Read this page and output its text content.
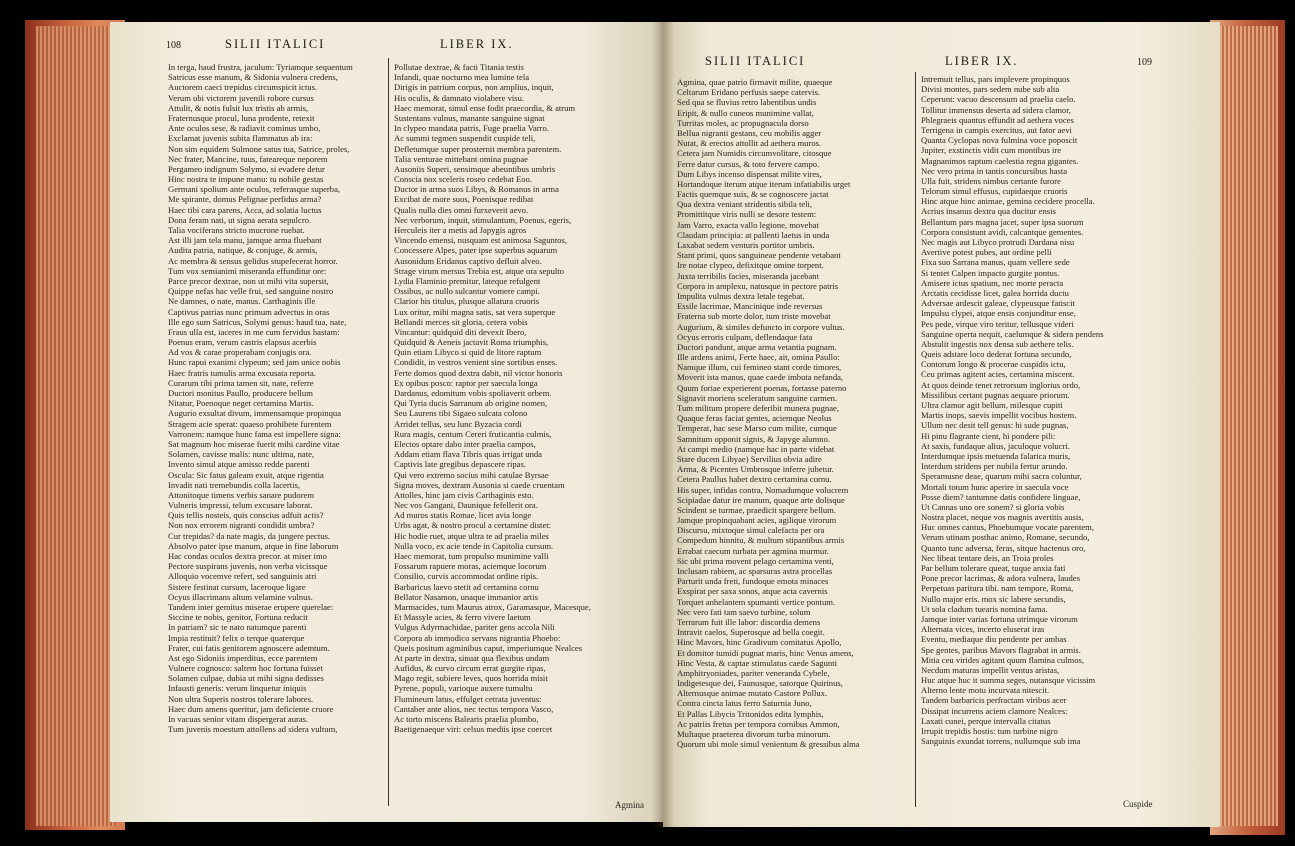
108	SILII ITALICI	LIBER IX.
In terga, haud frustra, jaculum: Tyriamque sequentum
Satricus esse manum, & Sidonia vulnera credens,
Auctorem caeci trepidus circumspicit ictus.
Verum ubi victorem juvenili robore cursus
Attulit, & notis fulsit lux tristis ab armis,
Fraternusque procul, luna prodente, retexit
Ante oculos sese, & radiavit cominus umbo,
Exclamat juvenis subita flammatus ab ira:
Non sim equidem Sulmone satus tua, Satrice, proles,
Nec frater, Mancine, tuus, fateareque neporem
Pergameo indignum Solymo, si evadere detur
Hinc nostra te impune manu: tu nobile gestas
Germani spolium ante oculos, referasque superba,
Me spirante, domus Pelignae perfidus arma?
Haec tibi cara parens, Acca, ad solatia luctus
Dona feram nati, ut signa aerata sepulcro.
Talia vociferans stricto mucrone ruebat.
Ast illi jam tela manu, jamque arma fluebant
Audita patria, natique, & conjuge, & armis,
Ac membra & sensus gelidus stupefecerat horror.
Tum vox semianimi miseranda effunditur ore:
Parce precor dextrae, non ut mihi vita supersit,
Quippe nefas hac velle frui, sed sanguine nostro
Ne damnes, o nate, manus. Carthaginis ille
Captivus patrias nunc primum advectus in oras
Ille ego sum Satricus, Solymi genus: haud tua, nate,
Fraus ulla est, iaceres in me cum fervidus hastam:
Poenus eram, verum castris elapsus acerbis
Ad vos & carae properabam conjugis ora.
Hunc rapui exanimi clypeum; sed jam unice nobis
Haec fratris tumulis arma excusata reporta.
Curarum tibi prima tamen sit, nate, referre
Ductori monitus Paullo, producere bellum
Nitatur, Poenoque neget certamina Martis.
Augurio exsultat divum, immensamque propinqua
Stragem acie sperat: quaeso prohibete furentem
Varronem: namque hunc fama est impellere signa:
Sat magnum hoc miserae fuerit mihi cardine vitae
Solamen, cavisse malis: nunc ultima, nate,
Invento simul atque amisso redde parenti
Oscula: Sic fatus galeam exuit, atque rigentia
Invadit nati tremebundis colla lacertis,
Attonitoque timens verbis sanare pudorem
Vulneris impressi, telum excusare laborat.
Quis tellis nosteis, quis conscius adfuit actis?
Non nox errorem nigranti condidit umbra?
Cur trepidas? da nate magis, da jungere pectus.
Absolvo pater ipse manum, atque in fine laborum
Hac condas oculos dextra precor. at miser imo
Pectore suspirans juvenis, non verba vicissque
Alloquio vocemve refert, sed sanguinis atri
Sistere festinat cursum, laceroque ligare
Ocyus illacrimans altum velamine vulnus.
Tandem inter gemitus miserae erupere querelae:
Siccine te nobis, genitor, Fortuna reducit
In patriam? sic te nato natumque parenti
Impia restituit? felix o terque quaterque
Frater, cui fatis genitorem agnoscere ademtum.
Ast ego Sidoniis imperditus, ecce parentem
Vulnere cognosco: saltem hoc fortuna fuisset
Solamen culpae, dubia ut mihi signa dedisses
Infausti generis: verum linquetur iniquis
Non ultra Superis nostros tolerare labores.
Haec dum amens queritur, jam deficiente cruore
In vacuas senior vitam dispergerat auras.
Tum juvenis moestum attollens ad sidera vultum,
Pollutae dextrae, & facti Titania testis
Infandi, quae nocturno mea lumine tela
Dirigis in patrium corpus, non amplius, inquit,
His oculis, & damnato violabere visu.
Haec memorat, simul ense fodit praecordia, & atrum
Sustentans vulnus, manante sanguine signat
In clypeo mandata patris, Fuge praelia Varro.
Ac summi tegmen suspendit cuspide teli,
Defletumque super prosternit membra parentem.
Talia venturae mittebant omina pugnae
Ausoniis Superi, sensimque abeuntibus umbris
Conscia nox sceleris roseo cedebat Eoo.
Ductor in arma suos Libys, & Romanus in arma
Excibat de more suos, Poenisque redibat
Qualis nulla dies omni furxeverit aevo.
Nec verborum, inquit, stimulantum, Poenus, egeris,
Herculeis iter a metis ad Japygis agros
Vincendo emensi, nusquam est animosa Saguntos,
Concessere Alpes, pater ipse superbus aquarum
Ausonidum Eridanus captivo defluit alveo.
Strage virum mersus Trebia est, atque ora sepulto
Lydia Flaminio premitur, lateque refulgent
Ossibus, ac nullo sulcantur vomere campi.
Clarior his titulus, plusque allatura cruoris
Lux oritur, mihi magna satis, sat vera superque
Bellandi merces sit gloria, cetera vobis
Vincantur: quidquid diti devexit Ibero,
Quidquid & Aeneis jactavit Roma triumphis,
Quin etiam Libyco si quid de litore raptum
Condidit, in vestros venient sine sortibus enses.
Ferte domos quod dextra dabit, nil victor honoris
Ex opibus posco: raptor per saecula longa
Dardanus, edomitum vobis spoliaverit orbem.
Qui Tyria ducis Sarranum ab origine nomen,
Seu Laurens tibi Sigaeo sulcata colono
Arridet tellus, seu lunc Byzacia cordi
Rura magis, centum Cereri fruticantia culmis,
Electos optare dabo inter praelia campos,
Addam etiam flava Tibris quas irrigat unda
Captivis late gregibus depascere ripas.
Qui vero extremo socius mihi catulae Byrsae
Signa moves, dextram Ausonia si caede cruentam
Attolles, hinc jam civis Carthaginis esto.
Nec vos Gangani, Daunique fefellerit ora.
Ad muros statis Romae, licet avia longe
Urbs agat, & nostro procul a certamine distet:
Hic hodie ruet, atque ultra te ad praelia miles
Nulla voco, ex acie tende in Capitolia cursum.
Haec memorat, tum propulso munimine valli
Fossarum rapuere moras, aciemque locorum
Consilio, curvis accommodat ordine ripis.
Barbaricus laevo stetit ad certamina cornu
Bellator Nasamon, unaque immanior artis
Marmacides, tum Maurus atrox, Garamasque, Macesque,
Et Massyle acies, & ferro vivere laetum
Vulgus Adyrmachidae, pariter gens accola Nili
Corpora ab immodico servans nigrantia Phoebo:
Queis positum agminibus caput, imperiumque Nealces
At parte in dextra, sinuat qua flexibus undam
Aufidus, & curvo circum errat gurgite ripas,
Mago regit, subiere leves, quos horrida misit
Pyrene, populi, varioque auxere tumultu
Flumineum latus, effulget cetrata juventus:
Cantaber ante alios, nec tectus tempora Vasco,
Ac torto miscens Balearis praelia plumbo,
Baetigenaeque viri: celsus mediis ipse coercet
Agmina
SILII ITALICI	LIBER IX.	109
Agmina, quae patrio firmavit milite, quaeque
Celtarum Eridano perfusis saepe catervis.
Sed qua se fluvius retro labentibus undis
Eripit, & nullo cuneos munimine vallat,
Turritas moles, ac propugnacula dorso
Bellua nigranti gestans, ceu mobilis agger
Nutat, & erectos attollit ad aethera muros.
Cetera jam Numidis circumvolitare, citosque
Ferre datur cursus, & toto fervere campo.
Dum Libys incenso dispensat milite vires,
Hortandoque iterum atque iterum infatiabilis urget
Factis quemque suis, & se cognoscere jactat
Qua dextra veniant stridentis sibila teli,
Promittitque viris nulli se desore testem:
Jam Varro, exacta vallo legione, movebat
Claudam principia: at pallenti laetus in unda
Laxabat sedem venturis portitor umbris.
Stant primi, quos sanguineae pendente vetabant
Ire notae clypeo, defixitque omine torpent.
Juxta terribilis facies, miseranda jacebant
Corpora in amplexu, natusque in pectore patris
Impulita vulnus dextra letale tegebat.
Essile lacrimae, Mancinique inde reversus
Fraterna sub morte dolor, tum triste movebat
Augurium, & similes defuncto in corpore vultus.
Ocyus erroris culpam, deflendaque fata
Ductori pandunt, atque arma vetantia pugnam.
Ille ardens animi, Ferte haec, ait, omina Paullo:
Namque illum, cui femineo stant corde timores,
Moverit ista manus, quae caede imbuta nefanda,
Quum foriae experierent poenas, fortasse paterno
Signavit moriens sceleratum sanguine carmen.
Tum militum propere deferibit munera pugnae,
Quaque feras faciat gentes, aciemque Neolus
Temperat, hac sese Marso cum milite, cumque
Samnitum opponit signis, & Japyge alumno.
At campi medio (namque hac in parte videbat
Stare ducem Libyae) Servilius obvia adire
Arma, & Picentes Umbrosque inferre jubetur.
Cetera Paullus habet dextro certamina cornu.
His super, infidas contra, Nomadumque volucrem
Scipiadae datur ire manum, quaque arte dolisque
Scindent se turmae, praedicit spargere bellum.
Jamque propinquabant acies, agilique virorum
Discursu, mixtoque simul calefacta per ora
Compedum hinnitu, & multum stipantibus armis
Errabat caecum turbata per agmina murmur.
Sic ubi prima movent pelago certamina venti,
Inclusam rabiem, ac sparsuras astra procellas
Parturit unda freti, fundoque emota minaces
Exspirat per saxa sonos, atque acta cavernis
Torquet anhelantem spumanti vertice pontum.
Nec vero fati tam saevo turbine, solum
Terrarum fuit ille labor: discordia demens
Intravit caelos, Superosque ad bella coegit.
Hinc Mavors, hinc Gradivum comitatus Apollo,
Et domitor tumidi pugnat maris, hinc Venus amens,
Hinc Vesta, & captae stimulatus caede Sagunti
Amphitryoniades, pariter veneranda Cybele,
Indigetesque dei, Faunusque, satorque Quirinus,
Alternusque animae mutato Castore Pollux.
Contra cincta latus ferro Saturnia Juno,
Et Pallas Libycis Tritonidos edita lymphis,
Ac patriis fretus per tempora cornibus Ammon,
Multaque praeterea divorum turba minorum.
Quorum ubi mole simul venientum & gressibus alma
Intremuit tellus, pars implevere propinquos
Divisi montes, pars sedem nube sub alta
Ceperunt: vacuo descensum ad praelia caelo.
Tollitur immensus deserta ad sidera clamor,
Phlegraeis quantus effundit ad aethera voces
Terrigena in campis exercitus, aut fator aevi
Quanta Cyclopas nova fulmina voce poposcit
Jupiter, exstinctis vidit cum montibus ire
Magnanimos raptum caelestia regna gigantes.
Nec vero prima in tantis concursibus hasta
Ulla fuit, stridens nimbus certante furore
Telorum simul effusus, cupidaeque cruoris
Hinc atque hinc animae, gemina cecidere procella.
Acrius insanus dextra qua ducitur ensis
Bellantum pars magna jacet, super ipsa suorum
Corpora consistunt avidi, calcantque gementes.
Nec magis aut Libyco protrudi Dardana nisu
Avertive potest pubes, aut ordine pelli
Fixa suo Sarrana manus, quam vellere sede
Si tentet Calpen impacto gurgite pontus.
Amisere ictus spatium, nec morte peracta
Arctatis cecidisse licet, galea horrida ductu
Adversae ardescit galeae, clypeusque fatiscit
Impulsu clypei, atque ensis conjunditur ense,
Pes pede, virque viro teritur, tellusque videri
Sanguine operta nequit, caelumque & sidera pendens
Abstulit ingestis nox densa sub aethere telis.
Queis adstare loco dederat fortuna secundo,
Contorum longo & procerae cuspidis ictu,
Ceu primas agitent acies, certamina miscent.
At quos deinde tenet retrorsum inglorius ordo,
Missilibus certant pugnas aequare priorum.
Ultra clamor agit bellum, milesque cupiti
Martis inops, saevis impellit vocibus hostem.
Ullum nec desit tell genus: hi sude pugnas,
Hi pinu flagrante cient, hi pondere pili:
At saxis, fundaque alius, jaculoque volucri.
Interdumque ipsis metuenda falarica muris,
Interdum stridens per nubila fertur arundo.
Speramusne deae, quarum mihi sacra coluntur,
Mortali totum hunc aperire in saecula voce
Posse diem? tantumne datis confidere linguae,
Ut Cannas uno ore sonem? si gloria vobis
Nostra placet, neque vos magnis avertitis ausis,
Huc omnes cantus, Phoebumque vocate parentem,
Verum utinam posthac animo, Romane, secundo,
Quanto tunc adversa, feras, sitque hactenus oro,
Nec libeat tentare deis, an Troia proles
Par bellum tolerare queat, tuque anxia fati
Pone precor lacrimas, & adora vulnera, laudes
Perpetuas paritura tibi. nam tempore, Roma,
Nullo major eris. mox sic labere secundis,
Ut sola cladum tuearis nomina fama.
Jamque inter varias fortuna utrimque virorum
Alternata vices, incerto eluserat iras
Eventu, mediaque diu pendente per ambas
Spe gentes, paribus Mavors flagrabat in armis.
Mitia ceu virides agitant quum flamina culmos,
Necdum maturas impellit ventus aristas,
Huc atque huc it summa seges, nutansque vicissim
Alterno lente motu incurvata nitescit.
Tandem barbaricis perfractam viribus acer
Dissipat incurrens aciem clamore Nealces:
Laxati cunei, perque intervalla citatus
Irrupit trepidis hostis: tum turbine nigro
Sanguinis exundat torrens, nullumque sub ima
Cuspide
